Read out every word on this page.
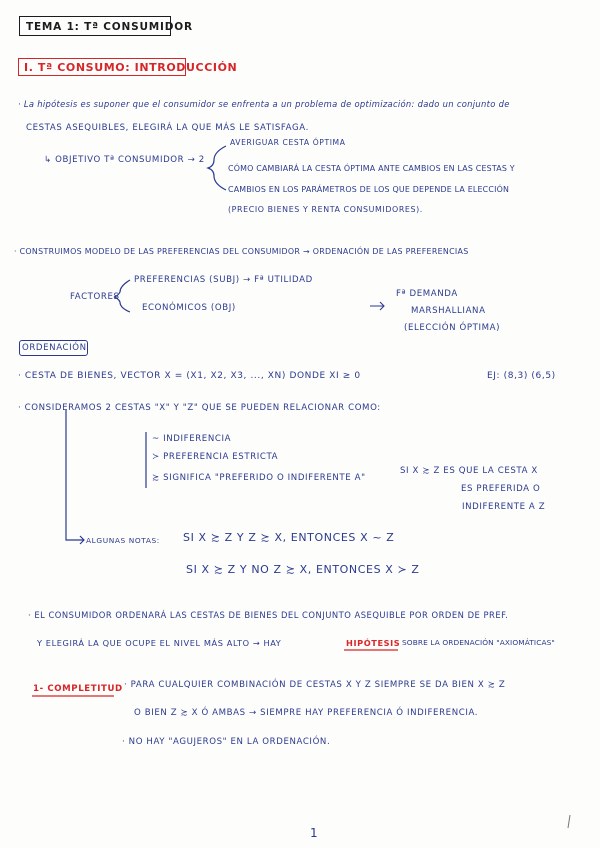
TEMA 1: Tª CONSUMIDOR
I. Tª CONSUMO: INTRODUCCIÓN
· La hipótesis es suponer que el consumidor se enfrenta a un problema de optimización: dado un conjunto de
CESTAS ASEQUIBLES, ELEGIRÁ LA QUE MÁS LE SATISFAGA.
↳ OBJETIVO Tª CONSUMIDOR → 2
AVERIGUAR CESTA ÓPTIMA
CÓMO CAMBIARÁ LA CESTA ÓPTIMA ANTE CAMBIOS EN LAS CESTAS Y
CAMBIOS EN LOS PARÁMETROS DE LOS QUE DEPENDE LA ELECCIÓN
(PRECIO BIENES Y RENTA CONSUMIDORES).
· CONSTRUIMOS MODELO DE LAS PREFERENCIAS DEL CONSUMIDOR → ORDENACIÓN DE LAS PREFERENCIAS
FACTORES
PREFERENCIAS (SUBJ) → Fª UTILIDAD
ECONÓMICOS (OBJ)
Fª DEMANDA
MARSHALLIANA
(ELECCIÓN ÓPTIMA)
ORDENACIÓN
· CESTA DE BIENES, VECTOR X = (X1, X2, X3, ..., XN) DONDE XI ≥ 0	EJ: (8,3) (6,5)
· CONSIDERAMOS 2 CESTAS "X" Y "Z" QUE SE PUEDEN RELACIONAR COMO:
~ INDIFERENCIA
≻ PREFERENCIA ESTRICTA
≿ SIGNIFICA "PREFERIDO O INDIFERENTE A"
SI X ≿ Z ES QUE LA CESTA X
ES PREFERIDA O
INDIFERENTE A Z
ALGUNAS NOTAS: SI X ≿ Z Y Z ≿ X, ENTONCES X ~ Z
SI X ≿ Z Y NO Z ≿ X, ENTONCES X ≻ Z
· EL CONSUMIDOR ORDENARÁ LAS CESTAS DE BIENES DEL CONJUNTO ASEQUIBLE POR ORDEN DE PREF.
Y ELEGIRÁ LA QUE OCUPE EL NIVEL MÁS ALTO → HAY	HIPÓTESIS SOBRE LA ORDENACIÓN "AXIOMÁTICAS"
1- COMPLETITUD · PARA CUALQUIER COMBINACIÓN DE CESTAS X Y Z SIEMPRE SE DA BIEN X ≿ Z
O BIEN Z ≿ X Ó AMBAS → SIEMPRE HAY PREFERENCIA Ó INDIFERENCIA.
· NO HAY "AGUJEROS" EN LA ORDENACIÓN.
1
